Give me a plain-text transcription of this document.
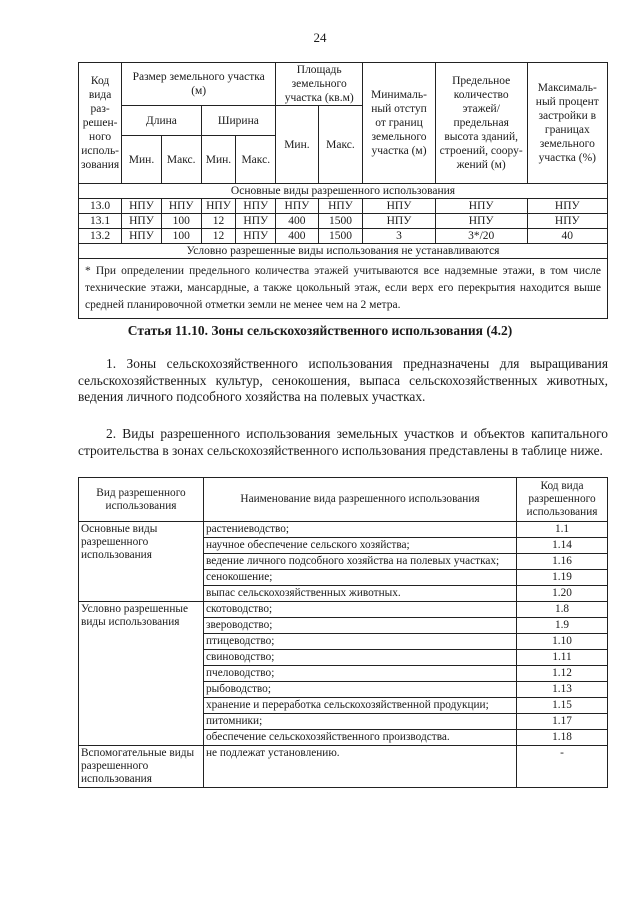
24
Код вида раз-решен-ного исполь-зования	Размер земельного участка (м)				Площадь земельного участка (кв.м)		Минималь-ный отступ от границ земельного участка (м)	Предельное количество этажей/ предельная высота зданий, строений, соору-жений (м)	Максималь-ный процент застройки в границах земельного участка (%)
	Длина		Ширина		Мин.	Макс.			
	Мин.	Макс.	Мин.	Макс.					
Основные виды разрешенного использования									
13.0	НПУ	НПУ	НПУ	НПУ	НПУ	НПУ	НПУ	НПУ	НПУ
13.1	НПУ	100	12	НПУ	400	1500	НПУ	НПУ	НПУ
13.2	НПУ	100	12	НПУ	400	1500	3	3*/20	40
Условно разрешенные виды использования не устанавливаются									
* При определении предельного количества этажей учитываются все надземные этажи, в том числе технические этажи, мансардные, а также цокольный этаж, если верх его перекрытия находится выше средней планировочной отметки земли не менее чем на 2 метра.									
Статья 11.10. Зоны сельскохозяйственного использования (4.2)
1. Зоны сельскохозяйственного использования предназначены для выращивания сельскохозяйственных культур, сенокошения, выпаса сельскохозяйственных животных, ведения личного подсобного хозяйства на полевых участках.
2. Виды разрешенного использования земельных участков и объектов капитального строительства в зонах сельскохозяйственного использования представлены в таблице ниже.
Вид разрешенного использования	Наименование вида разрешенного использования	Код вида разрешенного использования
Основные виды разрешенного использования	растениеводство;	1.1
	научное обеспечение сельского хозяйства;	1.14
	ведение личного подсобного хозяйства на полевых участках;	1.16
	сенокошение;	1.19
	выпас сельскохозяйственных животных.	1.20
Условно разрешенные виды использования	скотоводство;	1.8
	звероводство;	1.9
	птицеводство;	1.10
	свиноводство;	1.11
	пчеловодство;	1.12
	рыбоводство;	1.13
	хранение и переработка сельскохозяйственной продукции;	1.15
	питомники;	1.17
	обеспечение сельскохозяйственного производства.	1.18
Вспомогательные виды разрешенного использования	не подлежат установлению.	-
